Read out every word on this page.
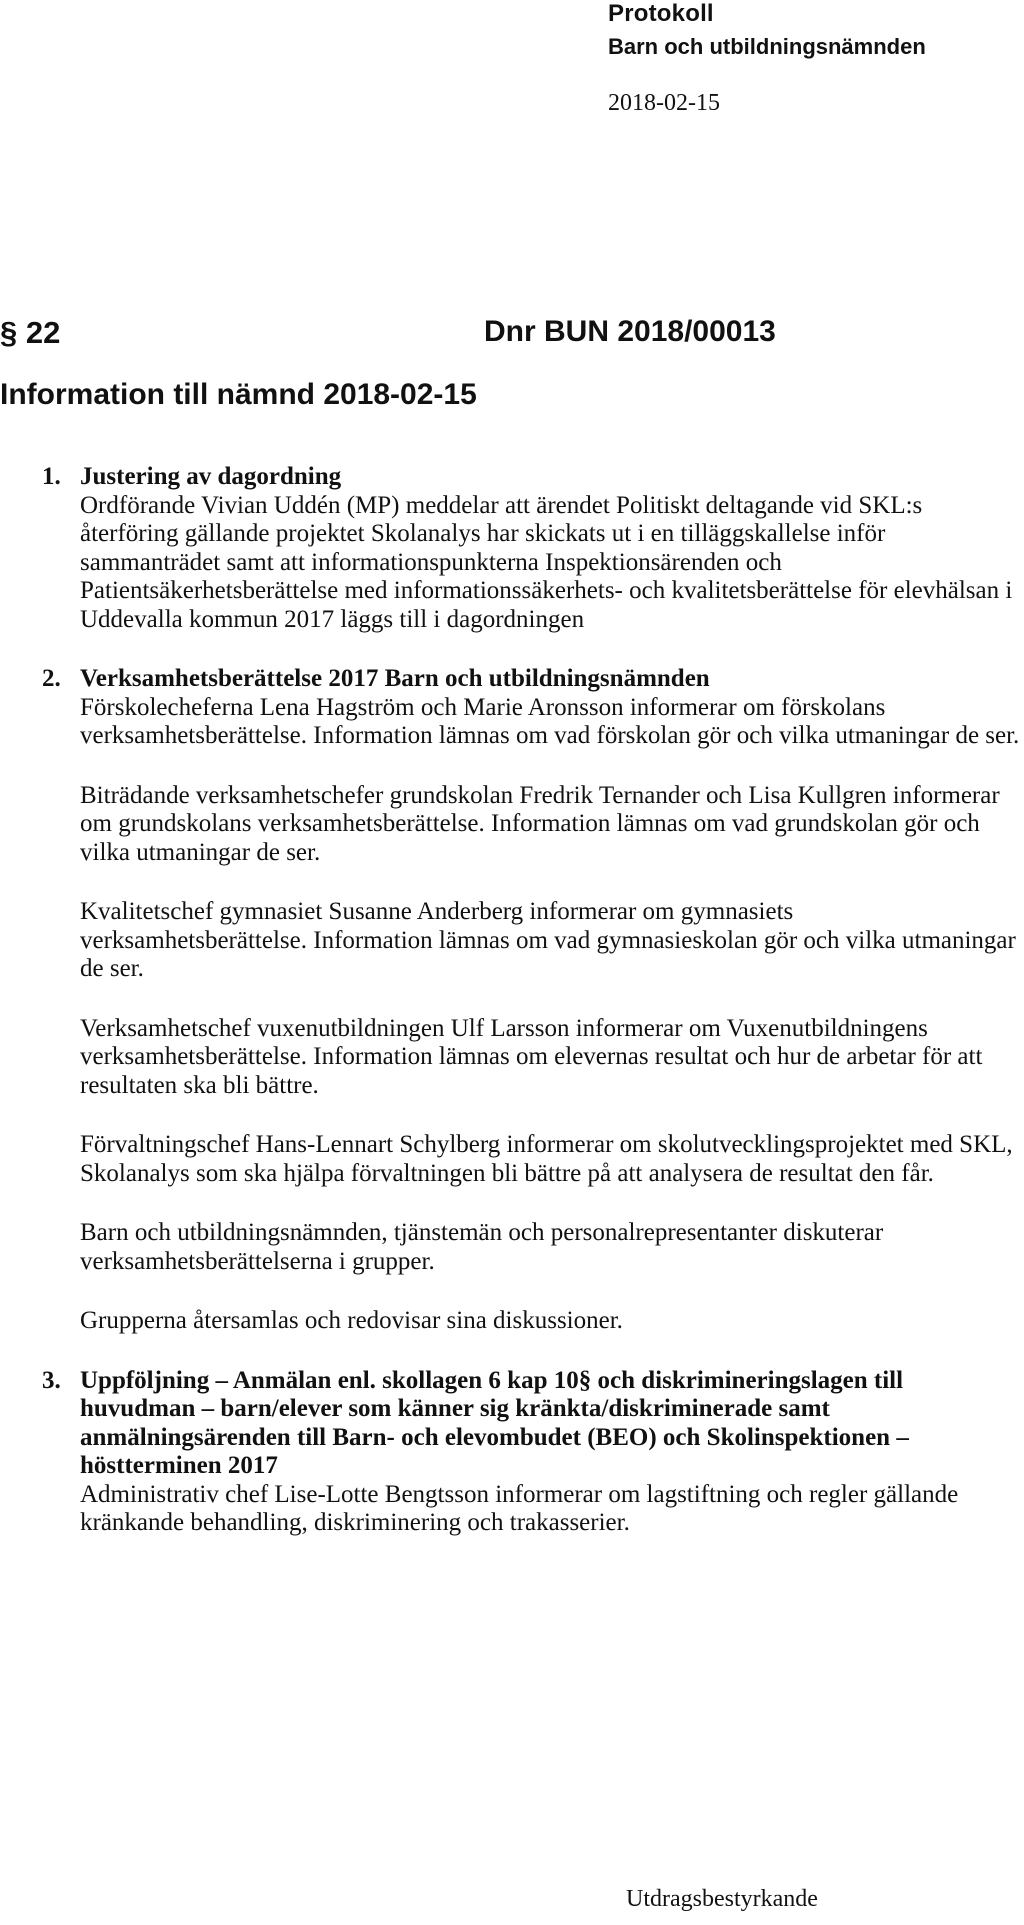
Protokoll
Barn och utbildningsnämnden
2018-02-15
§ 22	Dnr BUN 2018/00013
Information till nämnd 2018-02-15
1. Justering av dagordning

Ordförande Vivian Uddén (MP) meddelar att ärendet Politiskt deltagande vid SKL:s återföring gällande projektet Skolanalys har skickats ut i en tilläggskallelse inför sammanträdet samt att informationspunkterna Inspektionsärenden och Patientsäkerhetsberättelse med informationssäkerhets- och kvalitetsberättelse för elevhälsan i Uddevalla kommun 2017 läggs till i dagordningen

2. Verksamhetsberättelse 2017 Barn och utbildningsnämnden

Förskolecheferna Lena Hagström och Marie Aronsson informerar om förskolans verksamhetsberättelse. Information lämnas om vad förskolan gör och vilka utmaningar de ser.

Biträdande verksamhetschefer grundskolan Fredrik Ternander och Lisa Kullgren informerar om grundskolans verksamhetsberättelse. Information lämnas om vad grundskolan gör och vilka utmaningar de ser.

Kvalitetschef gymnasiet Susanne Anderberg informerar om gymnasiets verksamhetsberättelse. Information lämnas om vad gymnasieskolan gör och vilka utmaningar de ser.

Verksamhetschef vuxenutbildningen Ulf Larsson informerar om Vuxenutbildningens verksamhetsberättelse. Information lämnas om elevernas resultat och hur de arbetar för att resultaten ska bli bättre.

Förvaltningschef Hans-Lennart Schylberg informerar om skolutvecklingsprojektet med SKL, Skolanalys som ska hjälpa förvaltningen bli bättre på att analysera de resultat den får.

Barn och utbildningsnämnden, tjänstemän och personalrepresentanter diskuterar verksamhetsberättelserna i grupper.

Grupperna återsamlas och redovisar sina diskussioner.

3. Uppföljning – Anmälan enl. skollagen 6 kap 10§ och diskrimineringslagen till huvudman – barn/elever som känner sig kränkta/diskriminerade samt anmälningsärenden till Barn- och elevombudet (BEO) och Skolinspektionen – höstterminen 2017

Administrativ chef Lise-Lotte Bengtsson informerar om lagstiftning och regler gällande kränkande behandling, diskriminering och trakasserier.

Utdragsbestyrkande
